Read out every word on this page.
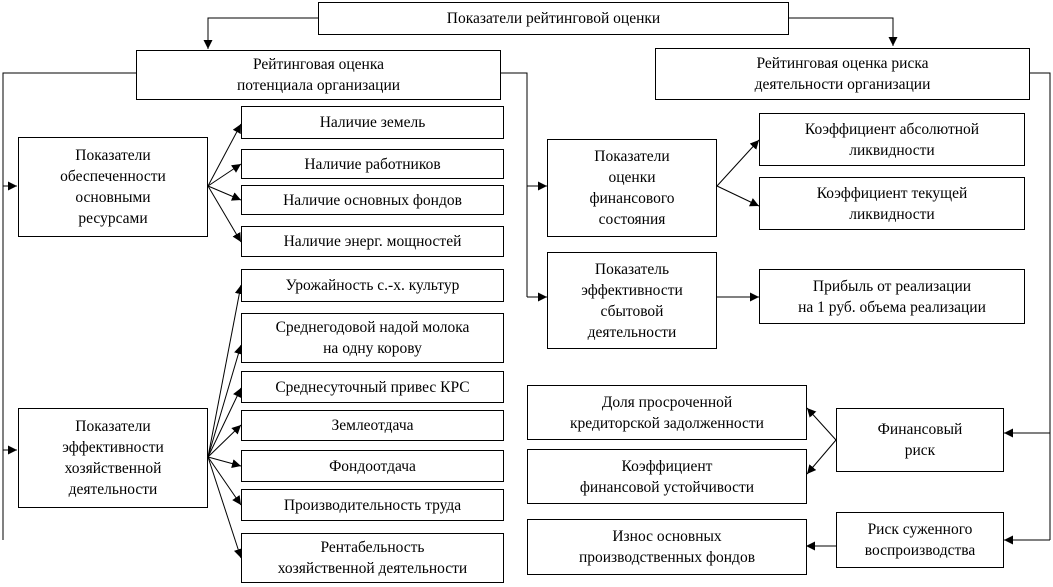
Показатели рейтинговой оценки
Рейтинговая оценка
потенциала организации
Рейтинговая оценка риска
деятельности организации
Показатели
обеспеченности
основными
ресурсами
Наличие земель
Наличие работников
Наличие основных фондов
Наличие энерг. мощностей
Показатели
эффективности
хозяйственной
деятельности
Урожайность с.-х. культур
Среднегодовой надой молока
на одну корову
Среднесуточный привес КРС
Землеотдача
Фондоотдача
Производительность труда
Рентабельность
хозяйственной деятельности
Показатели
оценки
финансового
состояния
Коэффициент абсолютной
ликвидности
Коэффициент текущей
ликвидности
Показатель
эффективности
сбытовой
деятельности
Прибыль от реализации
на 1 руб. объема реализации
Финансовый
риск
Доля просроченной
кредиторской задолженности
Коэффициент
финансовой устойчивости
Риск суженного
воспроизводства
Износ основных
производственных фондов
